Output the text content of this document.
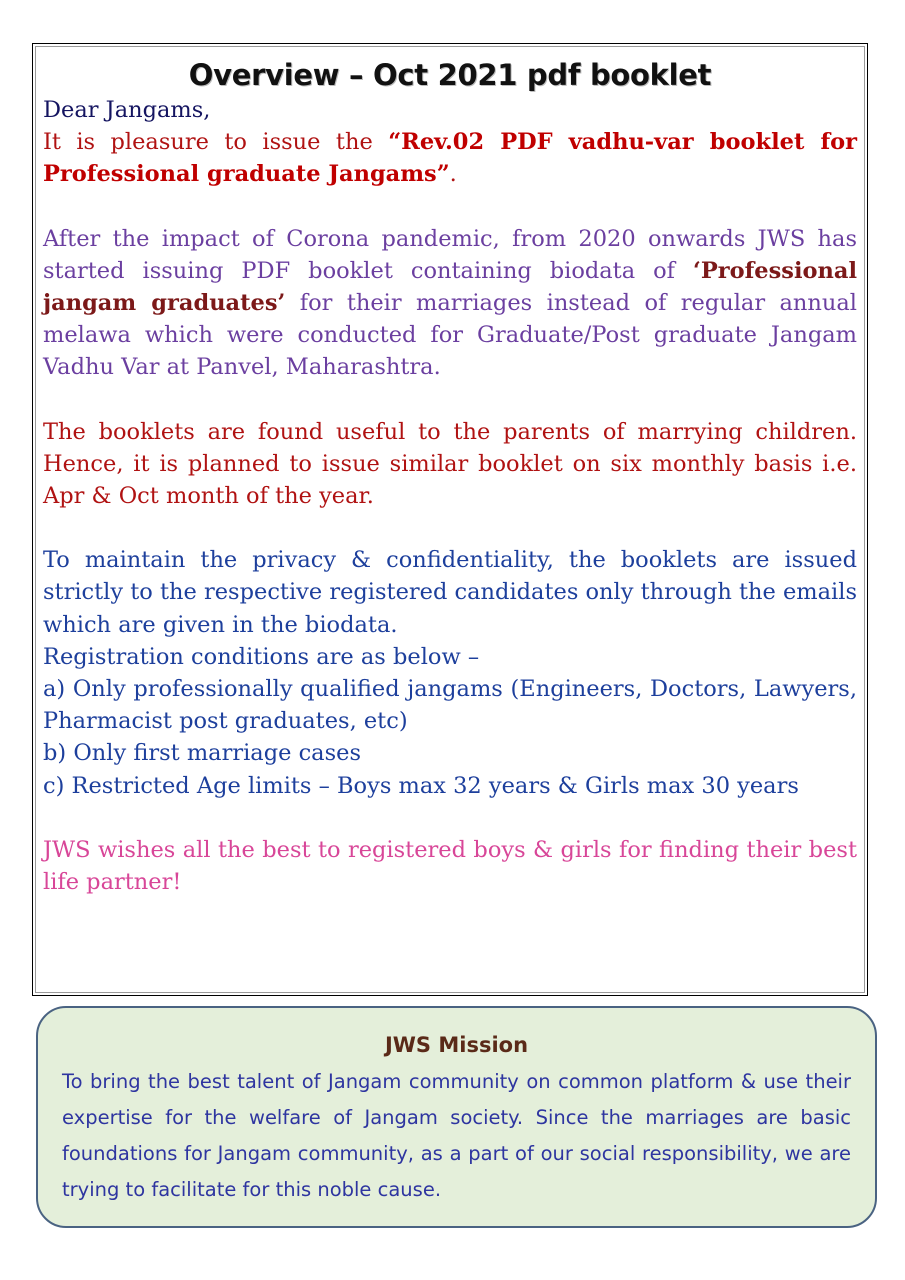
Overview – Oct 2021 pdf booklet

Dear Jangams,

It is pleasure to issue the “Rev.02 PDF vadhu-var booklet for Professional graduate Jangams”.

After the impact of Corona pandemic, from 2020 onwards JWS has started issuing PDF booklet containing biodata of ‘Professional jangam graduates’ for their marriages instead of regular annual melawa which were conducted for Graduate/Post graduate Jangam Vadhu Var at Panvel, Maharashtra.

The booklets are found useful to the parents of marrying children. Hence, it is planned to issue similar booklet on six monthly basis i.e. Apr & Oct month of the year.

To maintain the privacy & confidentiality, the booklets are issued strictly to the respective registered candidates only through the emails which are given in the biodata.

Registration conditions are as below –

a) Only professionally qualified jangams (Engineers, Doctors, Lawyers, Pharmacist post graduates, etc)

b) Only first marriage cases

c) Restricted Age limits – Boys max 32 years & Girls max 30 years

JWS wishes all the best to registered boys & girls for finding their best life partner!

JWS Mission

To bring the best talent of Jangam community on common platform & use their expertise for the welfare of Jangam society. Since the marriages are basic foundations for Jangam community, as a part of our social responsibility, we are trying to facilitate for this noble cause.
